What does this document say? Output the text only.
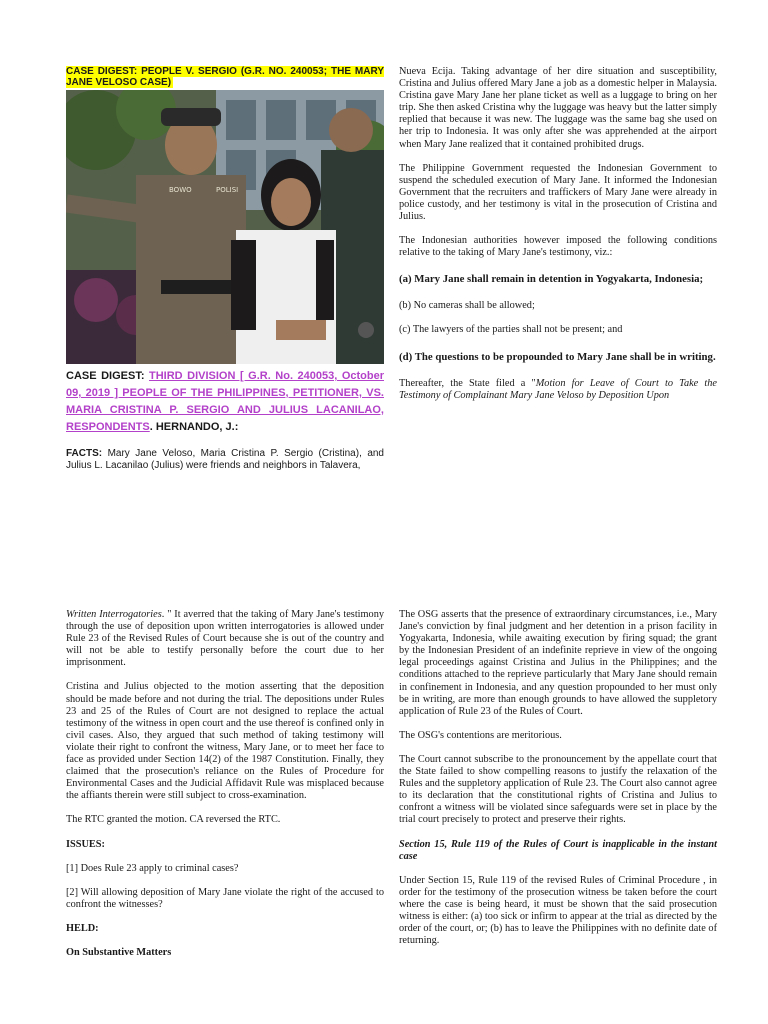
CASE DIGEST: PEOPLE V. SERGIO (G.R. NO. 240053; THE MARY JANE VELOSO CASE)
BOWO	POLISI

CASE DIGEST: THIRD DIVISION [ G.R. No. 240053, October 09, 2019 ] PEOPLE OF THE PHILIPPINES, PETITIONER, VS. MARIA CRISTINA P. SERGIO AND JULIUS LACANILAO, RESPONDENTS. HERNANDO, J.:

FACTS: Mary Jane Veloso, Maria Cristina P. Sergio (Cristina), and Julius L. Lacanilao (Julius) were friends and neighbors in Talavera,

Nueva Ecija. Taking advantage of her dire situation and susceptibility, Cristina and Julius offered Mary Jane a job as a domestic helper in Malaysia. Cristina gave Mary Jane her plane ticket as well as a luggage to bring on her trip. She then asked Cristina why the luggage was heavy but the latter simply replied that because it was new. The luggage was the same bag she used on her trip to Indonesia. It was only after she was apprehended at the airport when Mary Jane realized that it contained prohibited drugs.

The Philippine Government requested the Indonesian Government to suspend the scheduled execution of Mary Jane. It informed the Indonesian Government that the recruiters and traffickers of Mary Jane were already in police custody, and her testimony is vital in the prosecution of Cristina and Julius.

The Indonesian authorities however imposed the following conditions relative to the taking of Mary Jane's testimony, viz.:

(a) Mary Jane shall remain in detention in Yogyakarta, Indonesia;

(b) No cameras shall be allowed;

(c) The lawyers of the parties shall not be present; and

(d) The questions to be propounded to Mary Jane shall be in writing.

Thereafter, the State filed a "Motion for Leave of Court to Take the Testimony of Complainant Mary Jane Veloso by Deposition Upon

Written Interrogatories. " It averred that the taking of Mary Jane's testimony through the use of deposition upon written interrogatories is allowed under Rule 23 of the Revised Rules of Court because she is out of the country and will not be able to testify personally before the court due to her imprisonment.

Cristina and Julius objected to the motion asserting that the deposition should be made before and not during the trial. The depositions under Rules 23 and 25 of the Rules of Court are not designed to replace the actual testimony of the witness in open court and the use thereof is confined only in civil cases. Also, they argued that such method of taking testimony will violate their right to confront the witness, Mary Jane, or to meet her face to face as provided under Section 14(2) of the 1987 Constitution. Finally, they claimed that the prosecution's reliance on the Rules of Procedure for Environmental Cases and the Judicial Affidavit Rule was misplaced because the affiants therein were still subject to cross-examination.

The RTC granted the motion. CA reversed the RTC.

ISSUES:

[1] Does Rule 23 apply to criminal cases?

[2] Will allowing deposition of Mary Jane violate the right of the accused to confront the witnesses?

HELD:

On Substantive Matters

The OSG asserts that the presence of extraordinary circumstances, i.e., Mary Jane's conviction by final judgment and her detention in a prison facility in Yogyakarta, Indonesia, while awaiting execution by firing squad; the grant by the Indonesian President of an indefinite reprieve in view of the ongoing legal proceedings against Cristina and Julius in the Philippines; and the conditions attached to the reprieve particularly that Mary Jane should remain in confinement in Indonesia, and any question propounded to her must only be in writing, are more than enough grounds to have allowed the suppletory application of Rule 23 of the Rules of Court.

The OSG's contentions are meritorious.

The Court cannot subscribe to the pronouncement by the appellate court that the State failed to show compelling reasons to justify the relaxation of the Rules and the suppletory application of Rule 23. The Court also cannot agree to its declaration that the constitutional rights of Cristina and Julius to confront a witness will be violated since safeguards were set in place by the trial court precisely to protect and preserve their rights.

Section 15, Rule 119 of the Rules of Court is inapplicable in the instant case

Under Section 15, Rule 119 of the revised Rules of Criminal Procedure , in order for the testimony of the prosecution witness be taken before the court where the case is being heard, it must be shown that the said prosecution witness is either: (a) too sick or infirm to appear at the trial as directed by the order of the court, or; (b) has to leave the Philippines with no definite date of returning.
